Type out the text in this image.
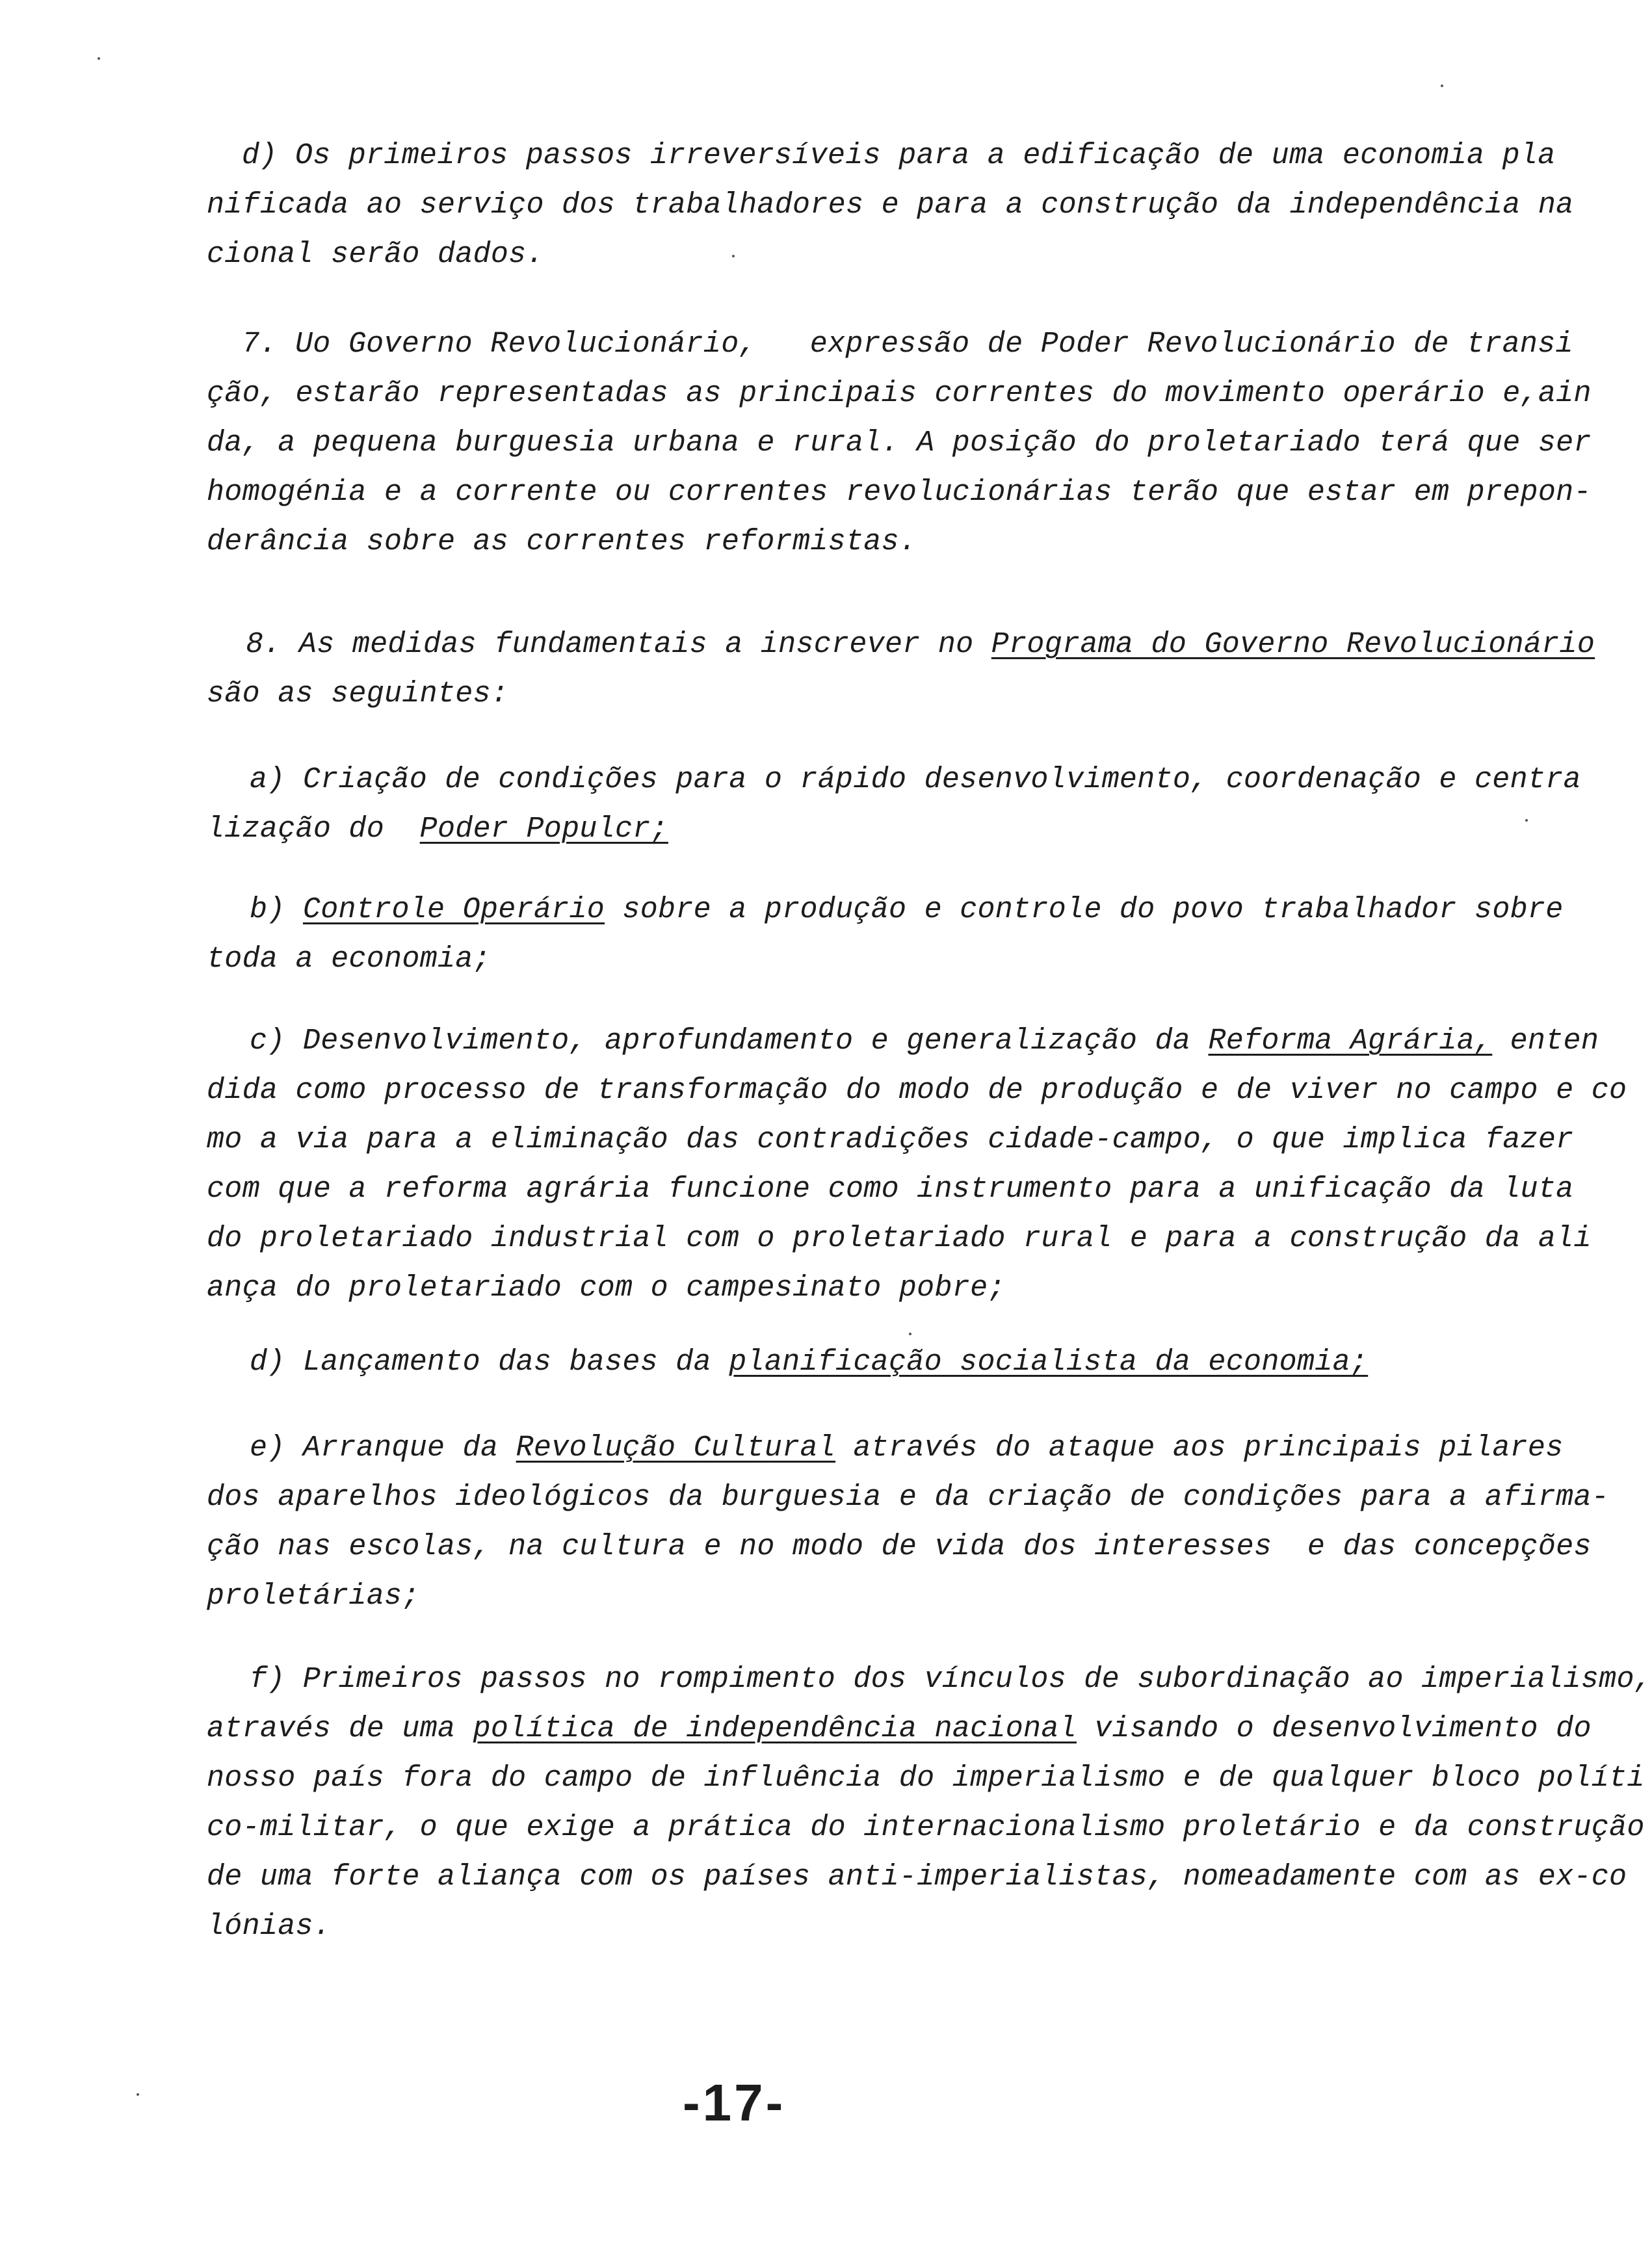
d) Os primeiros passos irreversíveis para a edificação de uma economia pla
nificada ao serviço dos trabalhadores e para a construção da independência na
cional serão dados.
7. Uo Governo Revolucionário,   expressão de Poder Revolucionário de transi
ção, estarão representadas as principais correntes do movimento operário e,ain
da, a pequena burguesia urbana e rural. A posição do proletariado terá que ser
homogénia e a corrente ou correntes revolucionárias terão que estar em prepon-
derância sobre as correntes reformistas.
8. As medidas fundamentais a inscrever no Programa do Governo Revolucionário
são as seguintes:
a) Criação de condições para o rápido desenvolvimento, coordenação e centra
lização do  Poder Populcr;
b) Controle Operário sobre a produção e controle do povo trabalhador sobre
toda a economia;
c) Desenvolvimento, aprofundamento e generalização da Reforma Agrária, enten
dida como processo de transformação do modo de produção e de viver no campo e co
mo a via para a eliminação das contradições cidade-campo, o que implica fazer
com que a reforma agrária funcione como instrumento para a unificação da luta
do proletariado industrial com o proletariado rural e para a construção da ali
ança do proletariado com o campesinato pobre;
d) Lançamento das bases da planificação socialista da economia;
e) Arranque da Revolução Cultural através do ataque aos principais pilares
dos aparelhos ideológicos da burguesia e da criação de condições para a afirma-
ção nas escolas, na cultura e no modo de vida dos interesses  e das concepções
proletárias;
f) Primeiros passos no rompimento dos vínculos de subordinação ao imperialismo,
através de uma política de independência nacional visando o desenvolvimento do
nosso país fora do campo de influência do imperialismo e de qualquer bloco políti
co-militar, o que exige a prática do internacionalismo proletário e da construção
de uma forte aliança com os países anti-imperialistas, nomeadamente com as ex-co
lónias.
-17-
